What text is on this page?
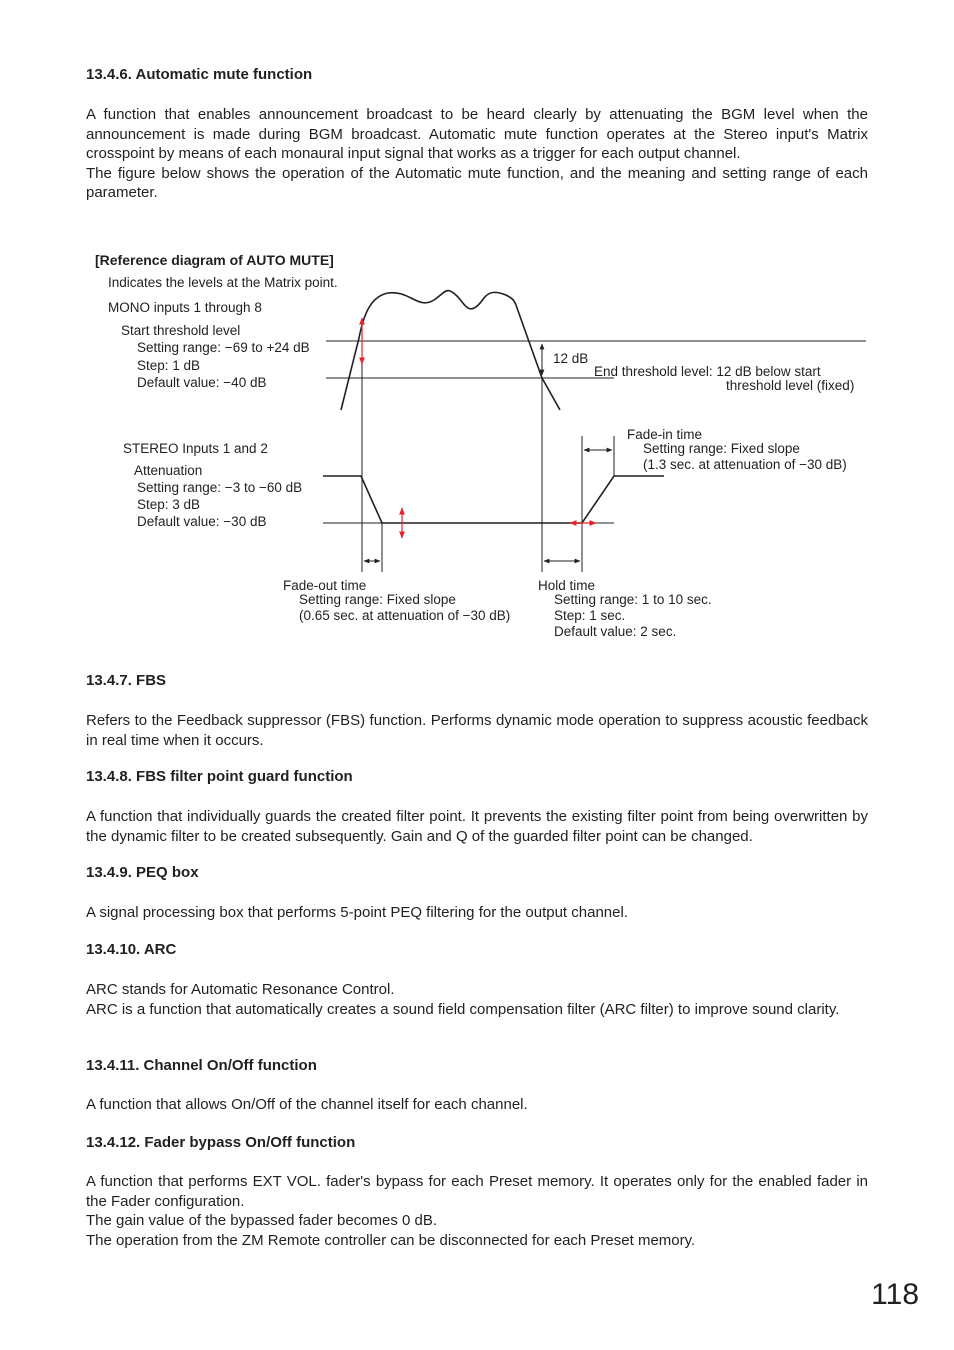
13.4.6. Automatic mute function

A function that enables announcement broadcast to be heard clearly by attenuating the BGM level when the announcement is made during BGM broadcast. Automatic mute function operates at the Stereo input's Matrix crosspoint by means of each monaural input signal that works as a trigger for each output channel.
The figure below shows the operation of the Automatic mute function, and the meaning and setting range of each parameter.

[Reference diagram of AUTO MUTE]
Indicates the levels at the Matrix point.
MONO inputs 1 through 8
Start threshold level
Setting range: −69 to +24 dB
Step: 1 dB
Default value: −40 dB
12 dB
End threshold level: 12 dB below start
threshold level (fixed)
Fade-in time
Setting range: Fixed slope
(1.3 sec. at attenuation of −30 dB)
STEREO Inputs 1 and 2
Attenuation
Setting range: −3 to −60 dB
Step: 3 dB
Default value: −30 dB
Fade-out time
Setting range: Fixed slope
(0.65 sec. at attenuation of −30 dB)
Hold time
Setting range: 1 to 10 sec.
Step: 1 sec.
Default value: 2 sec.
13.4.7. FBS

Refers to the Feedback suppressor (FBS) function. Performs dynamic mode operation to suppress acoustic feedback in real time when it occurs.

13.4.8. FBS filter point guard function

A function that individually guards the created filter point. It prevents the existing filter point from being overwritten by the dynamic filter to be created subsequently. Gain and Q of the guarded filter point can be changed.

13.4.9. PEQ box

A signal processing box that performs 5-point PEQ filtering for the output channel.

13.4.10. ARC

ARC stands for Automatic Resonance Control.
ARC is a function that automatically creates a sound field compensation filter (ARC filter) to improve sound clarity.

13.4.11. Channel On/Off function

A function that allows On/Off of the channel itself for each channel.

13.4.12. Fader bypass On/Off function

A function that performs EXT VOL. fader's bypass for each Preset memory. It operates only for the enabled fader in the Fader configuration.
The gain value of the bypassed fader becomes 0 dB.
The operation from the ZM Remote controller can be disconnected for each Preset memory.

118
